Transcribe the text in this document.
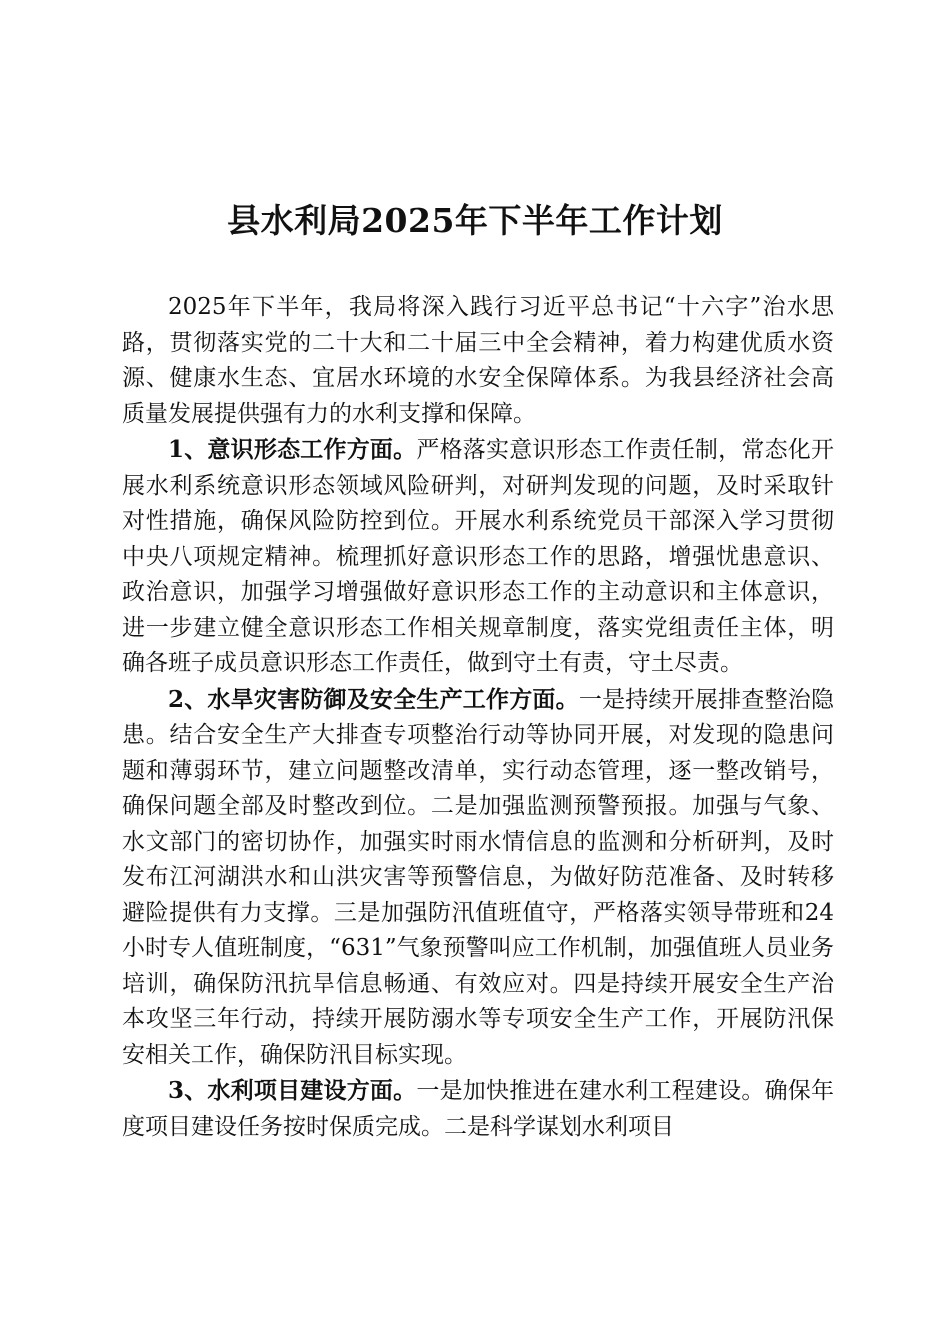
县水利局2025年下半年工作计划

2025年下半年，我局将深入践行习近平总书记“十六字”治水思路，贯彻落实党的二十大和二十届三中全会精神，着力构建优质水资源、健康水生态、宜居水环境的水安全保障体系。为我县经济社会高质量发展提供强有力的水利支撑和保障。

1、意识形态工作方面。严格落实意识形态工作责任制，常态化开展水利系统意识形态领域风险研判，对研判发现的问题，及时采取针对性措施，确保风险防控到位。开展水利系统党员干部深入学习贯彻中央八项规定精神。梳理抓好意识形态工作的思路，增强忧患意识、政治意识，加强学习增强做好意识形态工作的主动意识和主体意识，进一步建立健全意识形态工作相关规章制度，落实党组责任主体，明确各班子成员意识形态工作责任，做到守土有责，守土尽责。

2、水旱灾害防御及安全生产工作方面。一是持续开展排查整治隐患。结合安全生产大排查专项整治行动等协同开展，对发现的隐患问题和薄弱环节，建立问题整改清单，实行动态管理，逐一整改销号，确保问题全部及时整改到位。二是加强监测预警预报。加强与气象、水文部门的密切协作，加强实时雨水情信息的监测和分析研判，及时发布江河湖洪水和山洪灾害等预警信息，为做好防范准备、及时转移避险提供有力支撑。三是加强防汛值班值守，严格落实领导带班和24小时专人值班制度，“631”气象预警叫应工作机制，加强值班人员业务培训，确保防汛抗旱信息畅通、有效应对。四是持续开展安全生产治本攻坚三年行动，持续开展防溺水等专项安全生产工作，开展防汛保安相关工作，确保防汛目标实现。

3、水利项目建设方面。一是加快推进在建水利工程建设。确保年度项目建设任务按时保质完成。二是科学谋划水利项目
